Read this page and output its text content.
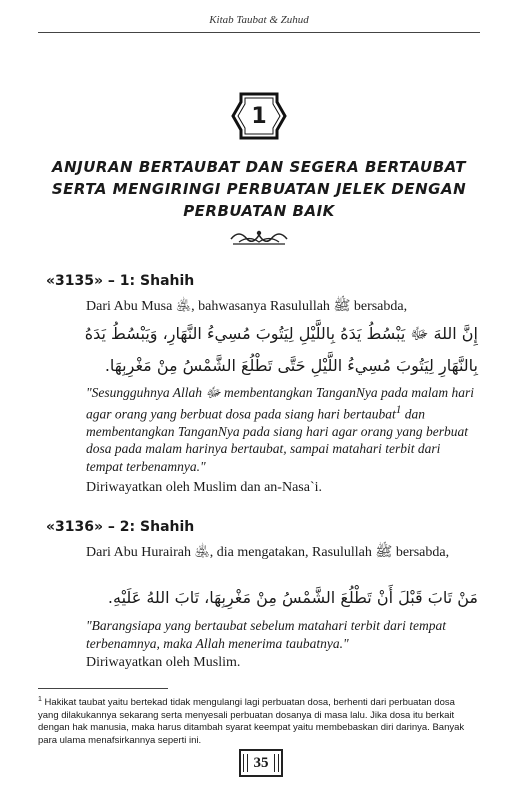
Kitab Taubat & Zuhud
1
ANJURAN BERTAUBAT DAN SEGERA BERTAUBAT SERTA MENGIRINGI PERBUATAN JELEK DENGAN PERBUATAN BAIK
«3135» – 1: Shahih
Dari Abu Musa ﵁, bahwasanya Rasulullah ﷺ bersabda,
إِنَّ اللهَ ﷻ يَبْسُطُ يَدَهُ بِاللَّيْلِ لِيَتُوبَ مُسِيءُ النَّهَارِ، وَيَبْسُطُ يَدَهُ بِالنَّهَارِ لِيَتُوبَ مُسِيءُ اللَّيْلِ حَتَّى تَطْلُعَ الشَّمْسُ مِنْ مَغْرِبِهَا.
"Sesungguhnya Allah ﷻ membentangkan TanganNya pada malam hari agar orang yang berbuat dosa pada siang hari bertaubat$^1$ dan membentangkan TanganNya pada siang hari agar orang yang berbuat dosa pada malam harinya bertaubat, sampai matahari terbit dari tempat terbenamnya."
Diriwayatkan oleh Muslim dan an-Nasa`i.
«3136» – 2: Shahih
Dari Abu Hurairah ﵁, dia mengatakan, Rasulullah ﷺ bersabda,
مَنْ تَابَ قَبْلَ أَنْ تَطْلُعَ الشَّمْسُ مِنْ مَغْرِبِهَا، تَابَ اللهُ عَلَيْهِ.
"Barangsiapa yang bertaubat sebelum matahari terbit dari tempat terbenamnya, maka Allah menerima taubatnya."
Diriwayatkan oleh Muslim.
$^1$ Hakikat taubat yaitu bertekad tidak mengulangi lagi perbuatan dosa, berhenti dari perbuatan dosa yang dilakukannya sekarang serta menyesali perbuatan dosanya di masa lalu. Jika dosa itu berkait dengan hak manusia, maka harus ditambah syarat keempat yaitu membebaskan diri darinya. Banyak para ulama menafsirkannya seperti ini.
35
